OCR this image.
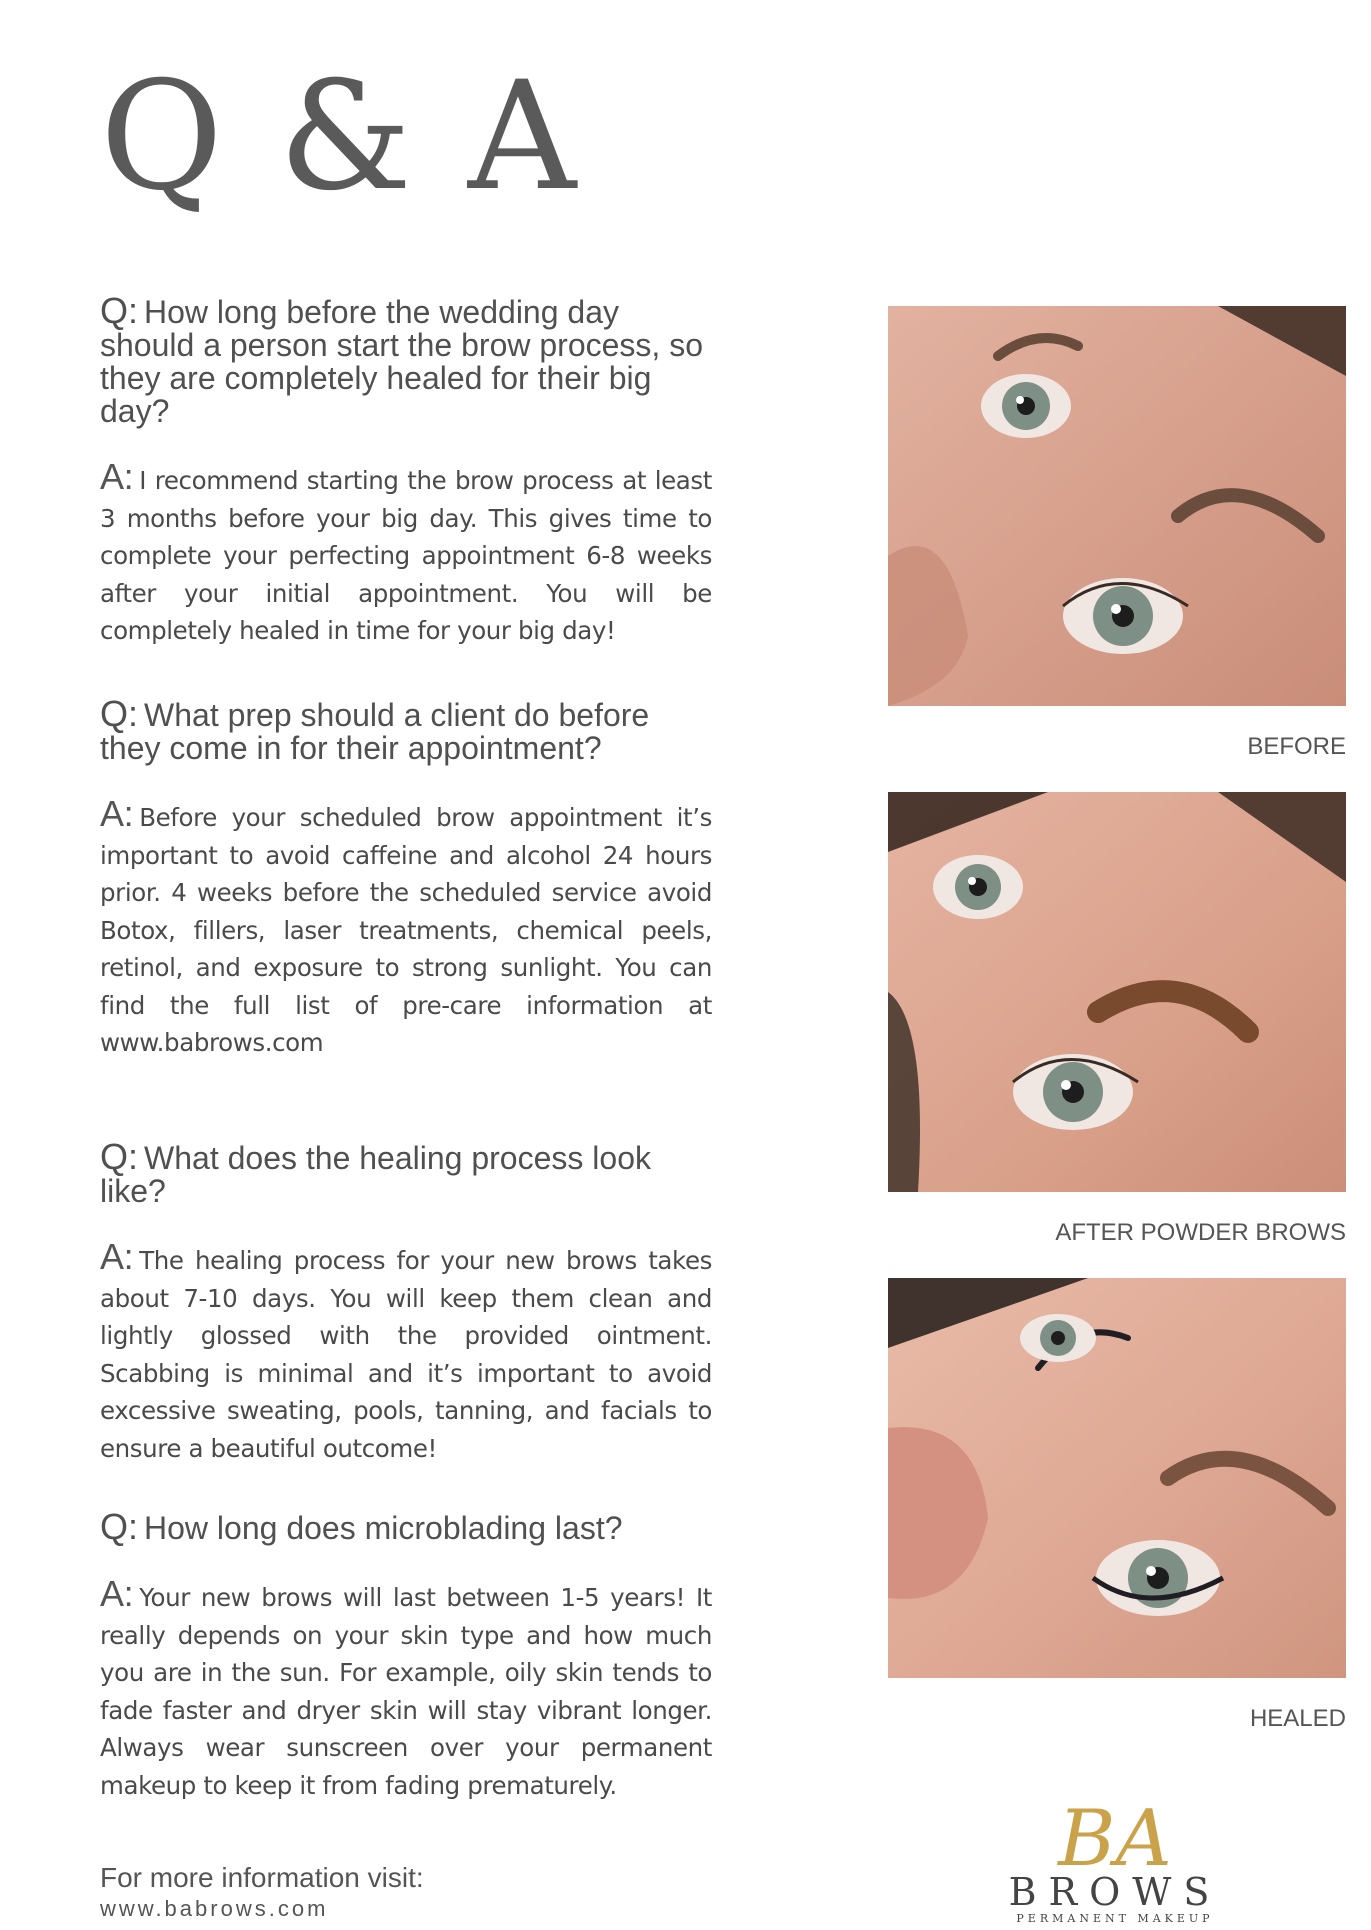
Q & A

Q: How long before the wedding day should a person start the brow process, so they are completely healed for their big day?

A: I recommend starting the brow process at least 3 months before your big day. This gives time to complete your perfecting appointment 6-8 weeks after your initial appointment. You will be completely healed in time for your big day!

Q: What prep should a client do before they come in for their appointment?

A: Before your scheduled brow appointment it’s important to avoid caffeine and alcohol 24 hours prior. 4 weeks before the scheduled service avoid Botox, fillers, laser treatments, chemical peels, retinol, and exposure to strong sunlight. You can find the full list of pre-care information at www.babrows.com

Q: What does the healing process look like?

A: The healing process for your new brows takes about 7-10 days. You will keep them clean and lightly glossed with the provided ointment. Scabbing is minimal and it’s important to avoid excessive sweating, pools, tanning, and facials to ensure a beautiful outcome!

Q: How long does microblading last?

A: Your new brows will last between 1-5 years! It really depends on your skin type and how much you are in the sun. For example, oily skin tends to fade faster and dryer skin will stay vibrant longer. Always wear sunscreen over your permanent makeup to keep it from fading prematurely.

BEFORE
AFTER POWDER BROWS
HEALED

For more information visit:

www.babrows.com

BA
BROWS
PERMANENT MAKEUP
